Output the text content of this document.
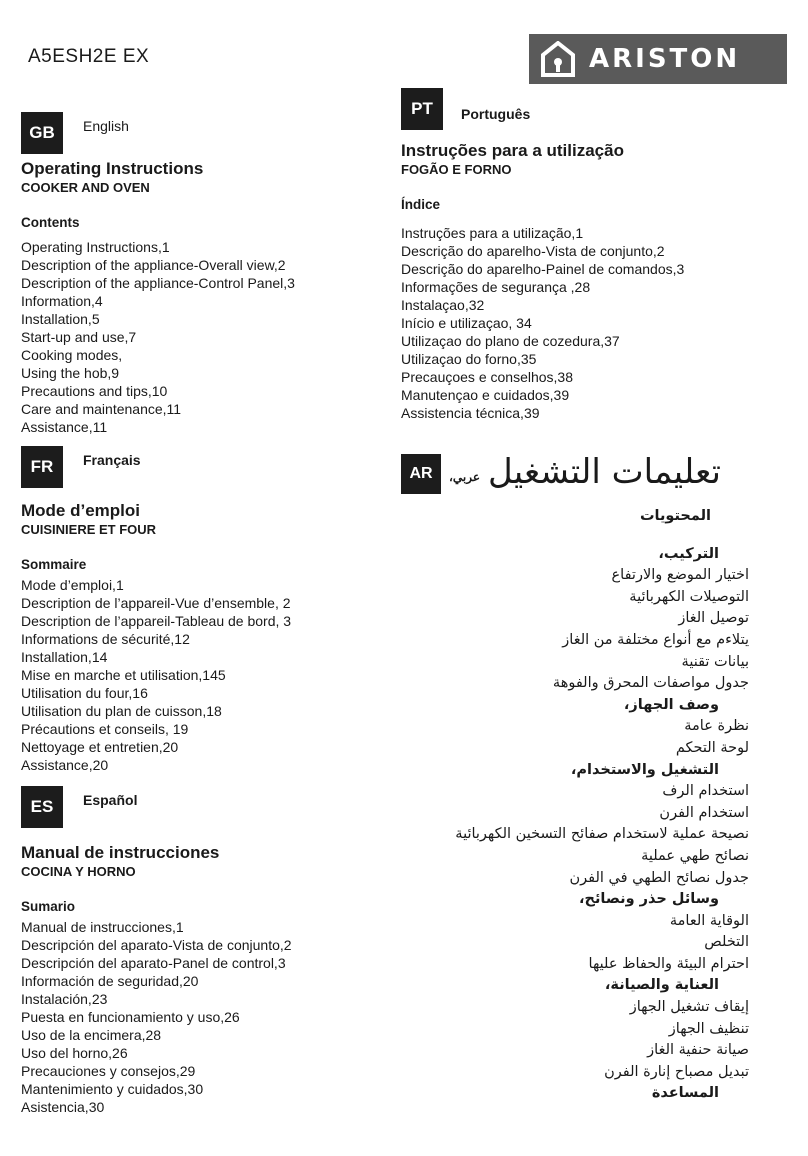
A5ESH2E EX	ARISTON
GB	English
Operating Instructions
COOKER AND OVEN
Contents
Operating Instructions,1
Description of the appliance-Overall view,2
Description of the appliance-Control Panel,3
Information,4
Installation,5
Start-up and use,7
Cooking modes,
Using the hob,9
Precautions and tips,10
Care and maintenance,11
Assistance,11
FR	Français
Mode d’emploi
CUISINIERE ET FOUR
Sommaire
Mode d’emploi,1
Description de l’appareil-Vue d’ensemble, 2
Description de l’appareil-Tableau de bord, 3
Informations de sécurité,12
Installation,14
Mise en marche et utilisation,145
Utilisation du four,16
Utilisation du plan de cuisson,18
Précautions et conseils, 19
Nettoyage et entretien,20
Assistance,20
ES	Español
Manual de instrucciones
COCINA Y HORNO
Sumario
Manual de instrucciones,1
Descripción del aparato-Vista de conjunto,2
Descripción del aparato-Panel de control,3
Información de seguridad,20
Instalación,23
Puesta en funcionamiento y uso,26
Uso de la encimera,28
Uso del horno,26
Precauciones y consejos,29
Mantenimiento y cuidados,30
Asistencia,30
PT	Português
Instruções para a utilização
FOGÃO E FORNO
Índice
Instruções para a utilização,1
Descrição do aparelho-Vista de conjunto,2
Descrição do aparelho-Painel de comandos,3
Informações de segurança ,28
Instalaçao,32
Início e utilizaçao, 34
Utilizaçao do plano de cozedura,37
Utilizaçao do forno,35
Precauçoes e conselhos,38
Manutençao e cuidados,39
Assistencia técnica,39
AR	عربي، تعليمات التشغيل
المحتويات
التركيب،
اختيار الموضع والارتفاع
التوصيلات الكهربائية
توصيل الغاز
يتلاءم مع أنواع مختلفة من الغاز
بيانات تقنية
جدول مواصفات المحرق والفوهة
وصف الجهاز،
نظرة عامة
لوحة التحكم
التشغيل والاستخدام،
استخدام الرف
استخدام الفرن
نصيحة عملية لاستخدام صفائح التسخين الكهربائية
نصائح طهي عملية
جدول نصائح الطهي في الفرن
وسائل حذر ونصائح،
الوقاية العامة
التخلص
احترام البيئة والحفاظ عليها
العناية والصيانة،
إيقاف تشغيل الجهاز
تنظيف الجهاز
صيانة حنفية الغاز
تبديل مصباح إنارة الفرن
المساعدة
